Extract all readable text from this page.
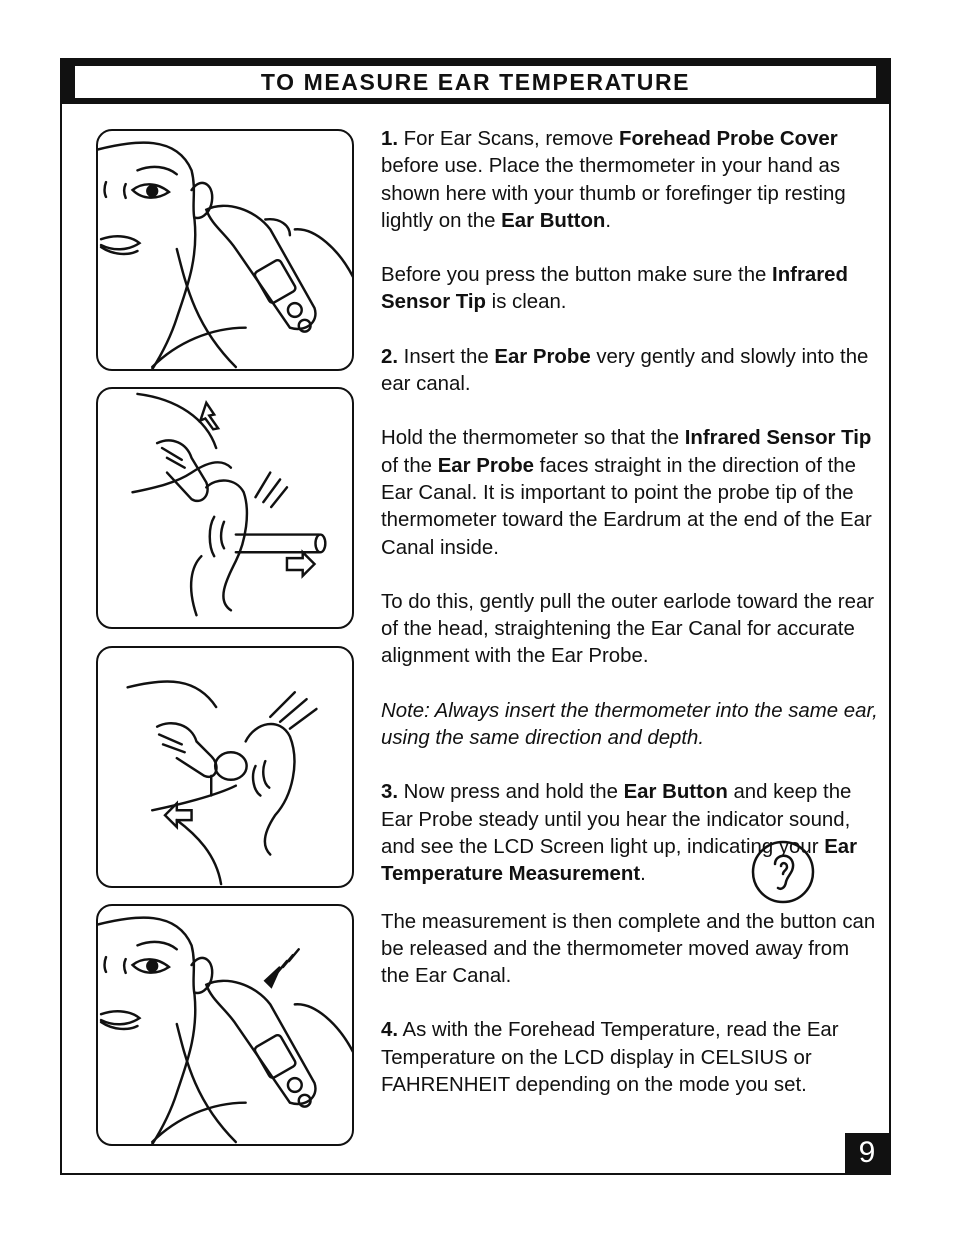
TO MEASURE EAR TEMPERATURE

1. For Ear Scans, remove Forehead Probe Cover before use. Place the thermometer in your hand as shown here with your thumb or forefinger tip resting lightly on the Ear Button.

Before you press the button make sure the Infrared Sensor Tip is clean.

2. Insert the Ear Probe very gently and slowly into the ear canal.

Hold the thermometer so that the Infrared Sensor Tip of the Ear Probe faces straight in the direction of the Ear Canal. It is important to point the probe tip of the thermometer toward the Eardrum at the end of the Ear Canal inside.

To do this, gently pull the outer earlode toward the rear of the head, straightening the Ear Canal for accurate alignment with the Ear Probe.

Note: Always insert the thermometer into the same ear, using the same direction and depth.

3. Now press and hold the Ear Button and keep the Ear Probe steady until you hear the indicator sound, and see the LCD Screen light up, indicating your Ear Temperature Measurement.

The measurement is then complete and the button can be released and the thermometer moved away from the Ear Canal.

4. As with the Forehead Temperature, read the Ear Temperature on the LCD display in CELSIUS or FAHRENHEIT depending on the mode you set.

9
